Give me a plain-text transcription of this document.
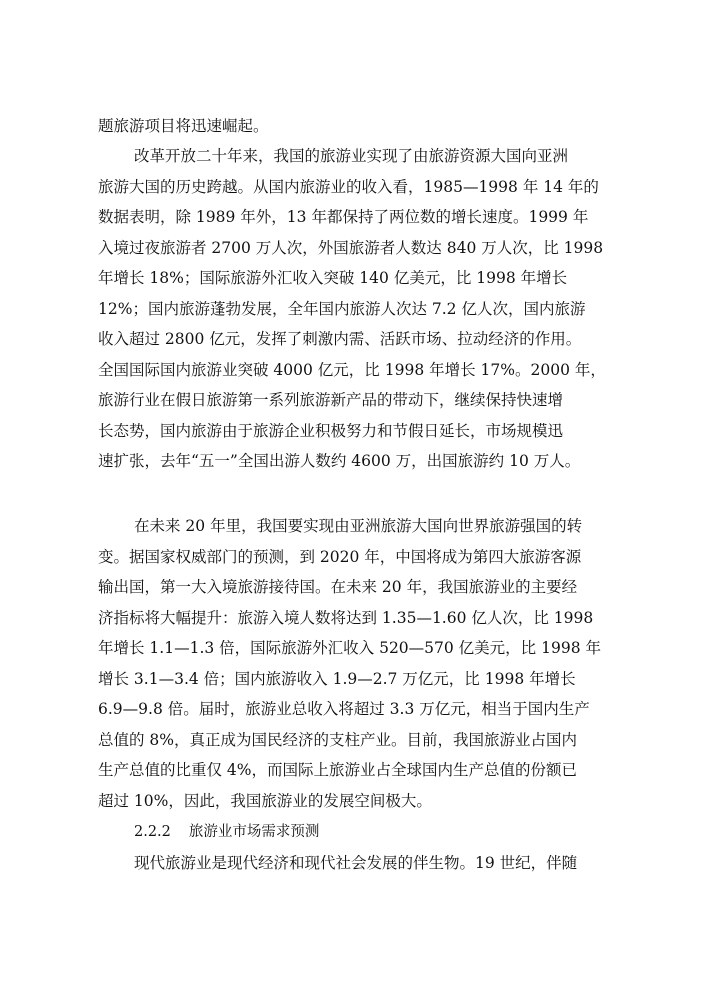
题旅游项目将迅速崛起。

改革开放二十年来，我国的旅游业实现了由旅游资源大国向亚洲

旅游大国的历史跨越。从国内旅游业的收入看，1985—1998 年 14 年的

数据表明，除 1989 年外，13 年都保持了两位数的增长速度。1999 年

入境过夜旅游者 2700 万人次，外国旅游者人数达 840 万人次，比 1998

年增长 18%；国际旅游外汇收入突破 140 亿美元，比 1998 年增长

12%；国内旅游蓬勃发展，全年国内旅游人次达 7.2 亿人次，国内旅游

收入超过 2800 亿元，发挥了刺激内需、活跃市场、拉动经济的作用。

全国国际国内旅游业突破 4000 亿元，比 1998 年增长 17%。2000 年，

旅游行业在假日旅游第一系列旅游新产品的带动下，继续保持快速增

长态势，国内旅游由于旅游企业积极努力和节假日延长，市场规模迅

速扩张，去年“五一”全国出游人数约 4600 万，出国旅游约 10 万人。

在未来 20 年里，我国要实现由亚洲旅游大国向世界旅游强国的转

变。据国家权威部门的预测，到 2020 年，中国将成为第四大旅游客源

输出国，第一大入境旅游接待国。在未来 20 年，我国旅游业的主要经

济指标将大幅提升：旅游入境人数将达到 1.35—1.60 亿人次，比 1998

年增长 1.1—1.3 倍，国际旅游外汇收入 520—570 亿美元，比 1998 年

增长 3.1—3.4 倍；国内旅游收入 1.9—2.7 万亿元，比 1998 年增长

6.9—9.8 倍。届时，旅游业总收入将超过 3.3 万亿元，相当于国内生产

总值的 8%，真正成为国民经济的支柱产业。目前，我国旅游业占国内

生产总值的比重仅 4%，而国际上旅游业占全球国内生产总值的份额已

超过 10%，因此，我国旅游业的发展空间极大。

2.2.2 旅游业市场需求预测

现代旅游业是现代经济和现代社会发展的伴生物。19 世纪，伴随
